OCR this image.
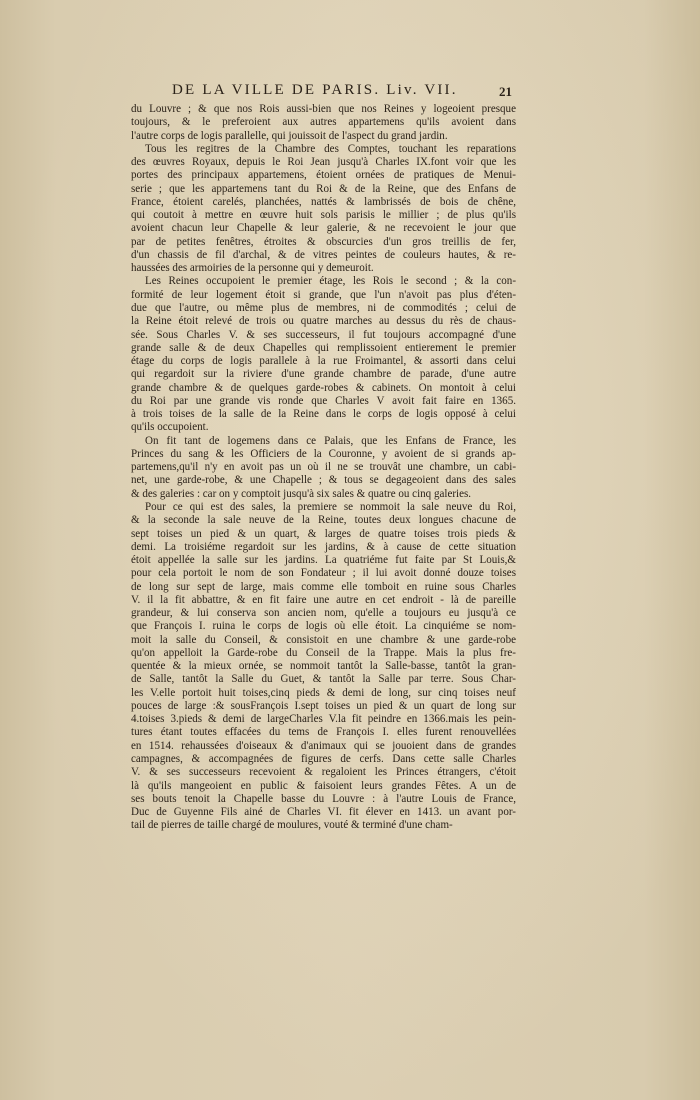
DE LA VILLE DE PARIS. Liv. VII.	21
du Louvre ; & que nos Rois aussi-bien que nos Reines y logeoient presque
toujours, & le preferoient aux autres appartemens qu'ils avoient dans
l'autre corps de logis parallelle, qui jouissoit de l'aspect du grand jardin.
Tous les regitres de la Chambre des Comptes, touchant les reparations
des œuvres Royaux, depuis le Roi Jean jusqu'à Charles IX.font voir que les
portes des principaux appartemens, étoient ornées de pratiques de Menui-
serie ; que les appartemens tant du Roi & de la Reine, que des Enfans de
France, étoient carelés, planchées, nattés & lambrissés de bois de chêne,
qui coutoit à mettre en œuvre huit sols parisis le millier ; de plus qu'ils
avoient chacun leur Chapelle & leur galerie, & ne recevoient le jour que
par de petites fenêtres, étroites & obscurcies d'un gros treillis de fer,
d'un chassis de fil d'archal, & de vitres peintes de couleurs hautes, & re-
haussées des armoiries de la personne qui y demeuroit.
Les Reines occupoient le premier étage, les Rois le second ; & la con-
formité de leur logement étoit si grande, que l'un n'avoit pas plus d'éten-
due que l'autre, ou même plus de membres, ni de commodités ; celui de
la Reine étoit relevé de trois ou quatre marches au dessus du rès de chaus-
sée. Sous Charles V. & ses successeurs, il fut toujours accompagné d'une
grande salle & de deux Chapelles qui remplissoient entierement le premier
étage du corps de logis parallele à la rue Froimantel, & assorti dans celui
qui regardoit sur la riviere d'une grande chambre de parade, d'une autre
grande chambre & de quelques garde-robes & cabinets. On montoit à celui
du Roi par une grande vis ronde que Charles V avoit fait faire en 1365.
à trois toises de la salle de la Reine dans le corps de logis opposé à celui
qu'ils occupoient.
On fit tant de logemens dans ce Palais, que les Enfans de France, les
Princes du sang & les Officiers de la Couronne, y avoient de si grands ap-
partemens,qu'il n'y en avoit pas un où il ne se trouvât une chambre, un cabi-
net, une garde-robe, & une Chapelle ; & tous se degageoient dans des sales
& des galeries : car on y comptoit jusqu'à six sales & quatre ou cinq galeries.
Pour ce qui est des sales, la premiere se nommoit la sale neuve du Roi,
& la seconde la sale neuve de la Reine, toutes deux longues chacune de
sept toises un pied & un quart, & larges de quatre toises trois pieds &
demi. La troisiéme regardoit sur les jardins, & à cause de cette situation
étoit appellée la salle sur les jardins. La quatriéme fut faite par St Louis,&
pour cela portoit le nom de son Fondateur ; il lui avoit donné douze toises
de long sur sept de large, mais comme elle tomboit en ruine sous Charles
V. il la fit abbattre, & en fit faire une autre en cet endroit - là de pareille
grandeur, & lui conserva son ancien nom, qu'elle a toujours eu jusqu'à ce
que François I. ruina le corps de logis où elle étoit. La cinquiéme se nom-
moit la salle du Conseil, & consistoit en une chambre & une garde-robe
qu'on appelloit la Garde-robe du Conseil de la Trappe. Mais la plus fre-
quentée & la mieux ornée, se nommoit tantôt la Salle-basse, tantôt la gran-
de Salle, tantôt la Salle du Guet, & tantôt la Salle par terre. Sous Char-
les V.elle portoit huit toises,cinq pieds & demi de long, sur cinq toises neuf
pouces de large :& sousFrançois I.sept toises un pied & un quart de long sur
4.toises 3.pieds & demi de largeCharles V.la fit peindre en 1366.mais les pein-
tures étant toutes effacées du tems de François I. elles furent renouvellées
en 1514. rehaussées d'oiseaux & d'animaux qui se jouoient dans de grandes
campagnes, & accompagnées de figures de cerfs. Dans cette salle Charles
V. & ses successeurs recevoient & regaloient les Princes étrangers, c'étoit
là qu'ils mangeoient en public & faisoient leurs grandes Fêtes. A un de
ses bouts tenoit la Chapelle basse du Louvre : à l'autre Louis de France,
Duc de Guyenne Fils ainé de Charles VI. fit élever en 1413. un avant por-
tail de pierres de taille chargé de moulures, vouté & terminé d'une cham-
